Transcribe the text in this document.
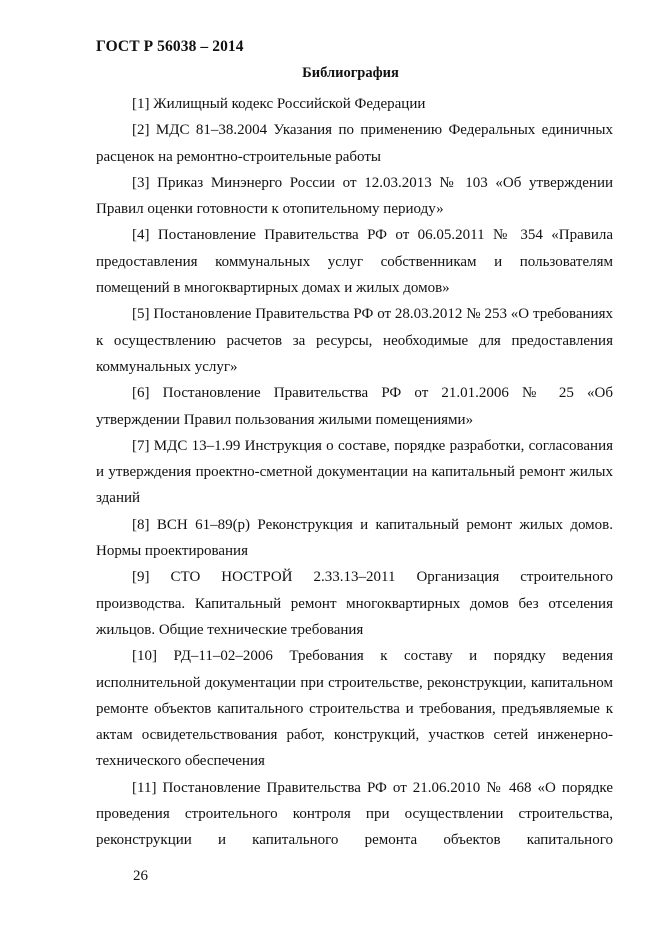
ГОСТ Р 56038 – 2014
Библиография

[1] Жилищный кодекс Российской Федерации

[2] МДС 81–38.2004 Указания по применению Федеральных единичных расценок на ремонтно-строительные работы

[3] Приказ Минэнерго России от 12.03.2013 № 103 «Об утверждении Правил оценки готовности к отопительному периоду»

[4] Постановление Правительства РФ от 06.05.2011 № 354 «Правила предоставления коммунальных услуг собственникам и пользователям помещений в многоквартирных домах и жилых домов»

[5] Постановление Правительства РФ от 28.03.2012 № 253 «О требованиях к осуществлению расчетов за ресурсы, необходимые для предоставления коммунальных услуг»

[6] Постановление Правительства РФ от 21.01.2006 № 25 «Об утверждении Правил пользования жилыми помещениями»

[7] МДС 13–1.99 Инструкция о составе, порядке разработки, согласования и утверждения проектно-сметной документации на капитальный ремонт жилых зданий

[8] ВСН 61–89(р) Реконструкция и капитальный ремонт жилых домов. Нормы проектирования

[9] СТО НОСТРОЙ 2.33.13–2011 Организация строительного производства. Капитальный ремонт многоквартирных домов без отселения жильцов. Общие технические требования

[10] РД–11–02–2006 Требования к составу и порядку ведения исполнительной документации при строительстве, реконструкции, капитальном ремонте объектов капитального строительства и требования, предъявляемые к актам освидетельствования работ, конструкций, участков сетей инженерно-технического обеспечения

[11] Постановление Правительства РФ от 21.06.2010 № 468 «О порядке проведения строительного контроля при осуществлении строительства, реконструкции и капитального ремонта объектов капитального

26
